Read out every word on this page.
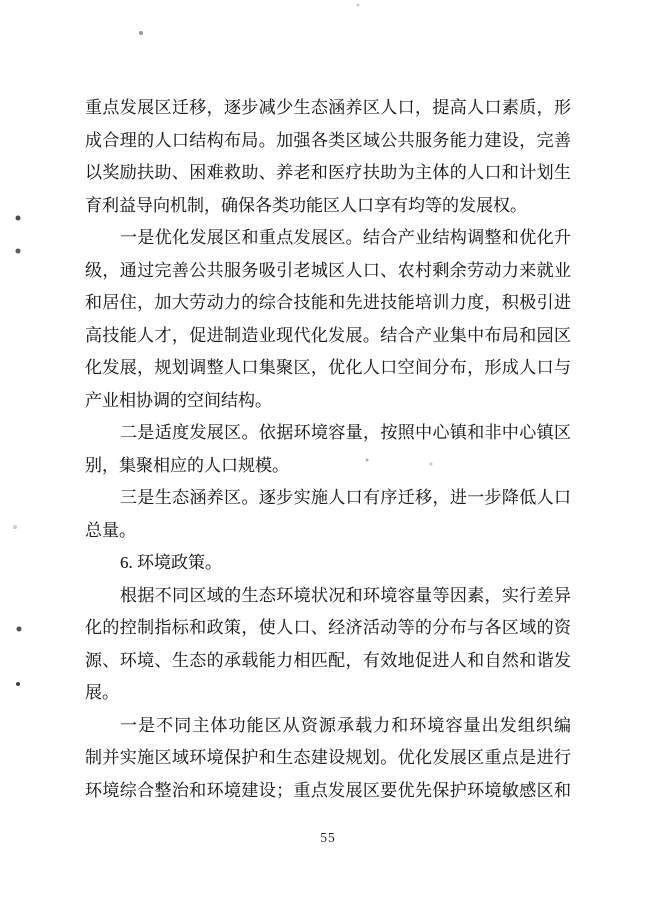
重点发展区迁移，逐步减少生态涵养区人口，提高人口素质，形
成合理的人口结构布局。加强各类区域公共服务能力建设，完善
以奖励扶助、困难救助、养老和医疗扶助为主体的人口和计划生
育利益导向机制，确保各类功能区人口享有均等的发展权。
一是优化发展区和重点发展区。结合产业结构调整和优化升
级，通过完善公共服务吸引老城区人口、农村剩余劳动力来就业
和居住，加大劳动力的综合技能和先进技能培训力度，积极引进
高技能人才，促进制造业现代化发展。结合产业集中布局和园区
化发展，规划调整人口集聚区，优化人口空间分布，形成人口与
产业相协调的空间结构。
二是适度发展区。依据环境容量，按照中心镇和非中心镇区
别，集聚相应的人口规模。
三是生态涵养区。逐步实施人口有序迁移，进一步降低人口
总量。
6. 环境政策。
根据不同区域的生态环境状况和环境容量等因素，实行差异
化的控制指标和政策，使人口、经济活动等的分布与各区域的资
源、环境、生态的承载能力相匹配，有效地促进人和自然和谐发
展。
一是不同主体功能区从资源承载力和环境容量出发组织编
制并实施区域环境保护和生态建设规划。优化发展区重点是进行
环境综合整治和环境建设；重点发展区要优先保护环境敏感区和
55
